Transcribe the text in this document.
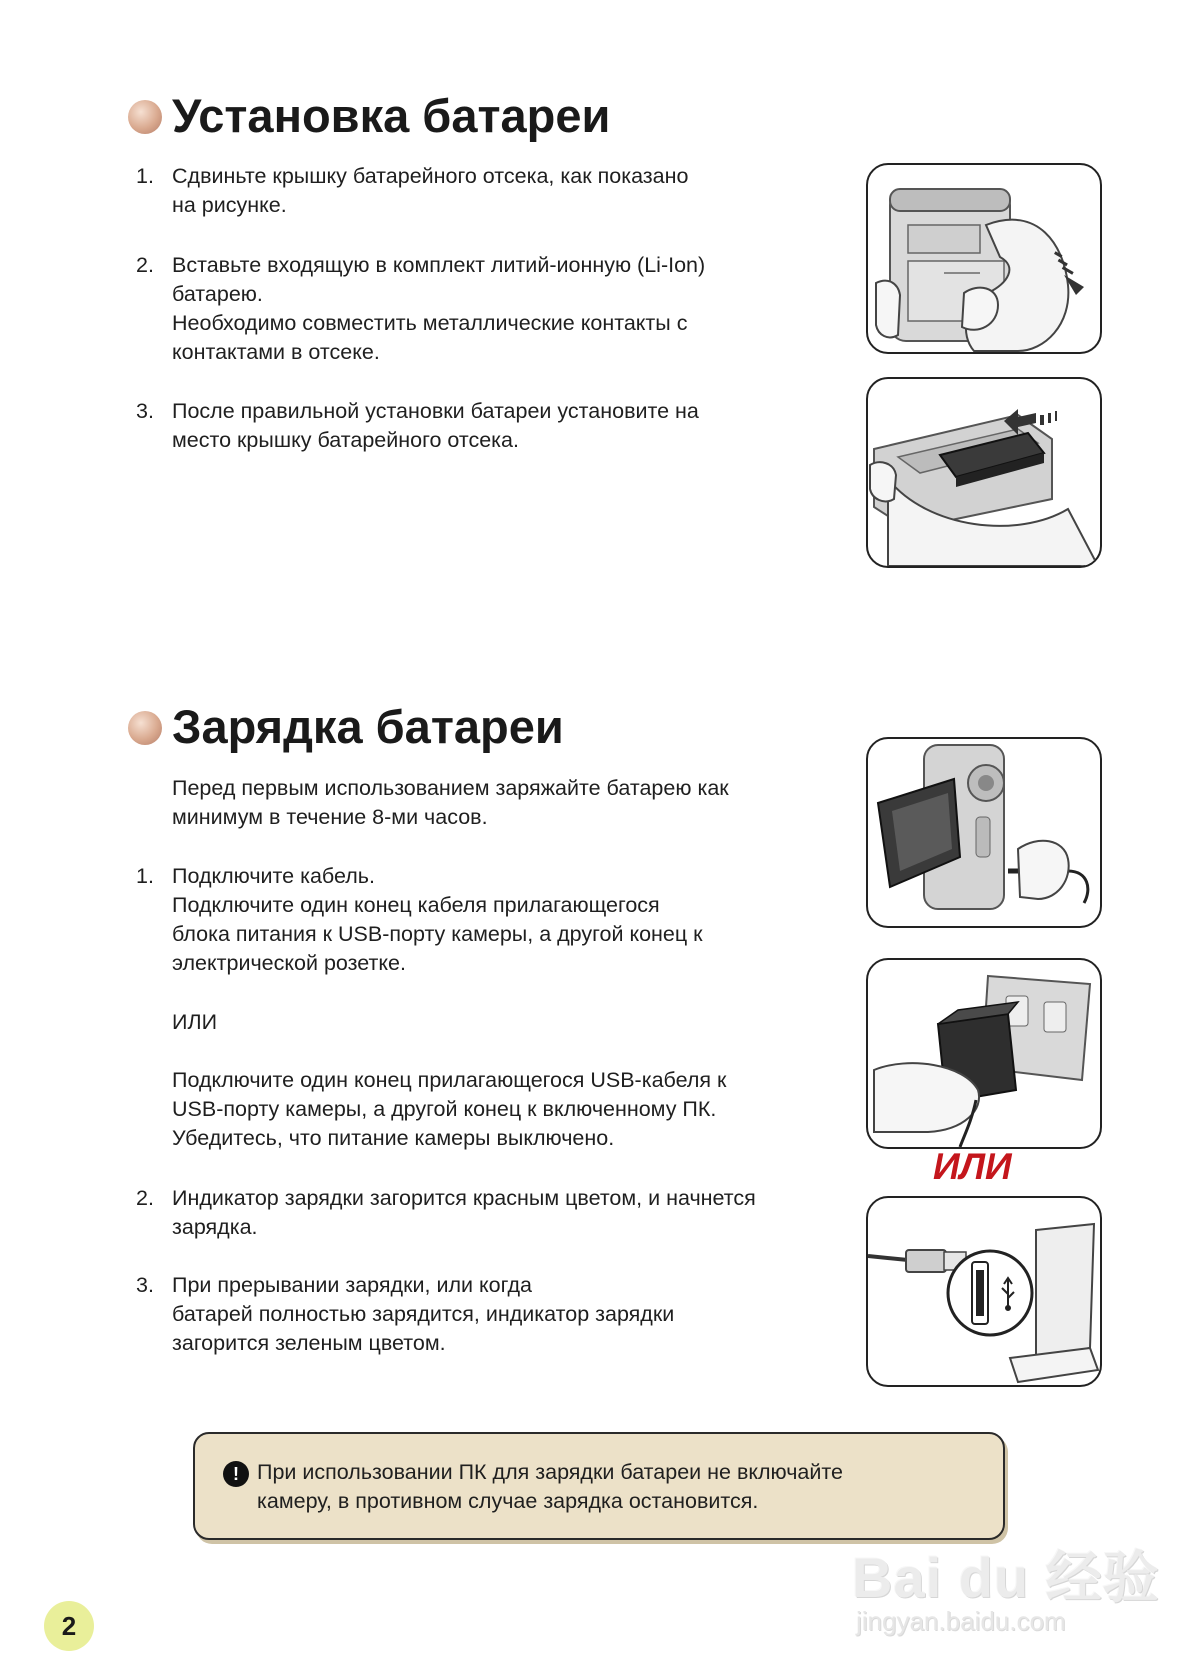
Установка батареи
1. Сдвиньте крышку батарейного отсека, как показано
на рисунке.
2. Вставьте входящую в комплект литий-ионную (Li-Ion)
батарею.
Необходимо совместить металлические контакты с
контактами в отсеке.
3. После правильной установки батареи установите на
место крышку батарейного отсека.
Зарядка батареи
Перед первым использованием заряжайте батарею как
минимум в течение 8-ми часов.
1. Подключите кабель.
Подключите один конец кабеля прилагающегося
блока питания к USB-порту камеры, а другой конец к
электрической розетке.
ИЛИ
Подключите один конец прилагающегося USB-кабеля к
USB-порту камеры, а другой конец к включенному ПК.
Убедитесь, что питание камеры выключено.
2. Индикатор зарядки загорится красным цветом, и начнется
зарядка.
3. При прерывании зарядки, или когда
батарей полностью зарядится, индикатор зарядки
загорится зеленым цветом.
ИЛИ
! При использовании ПК для зарядки батареи не включайте
камеру, в противном случае зарядка остановится.
2
Bai du 经验
jingyan.baidu.com
